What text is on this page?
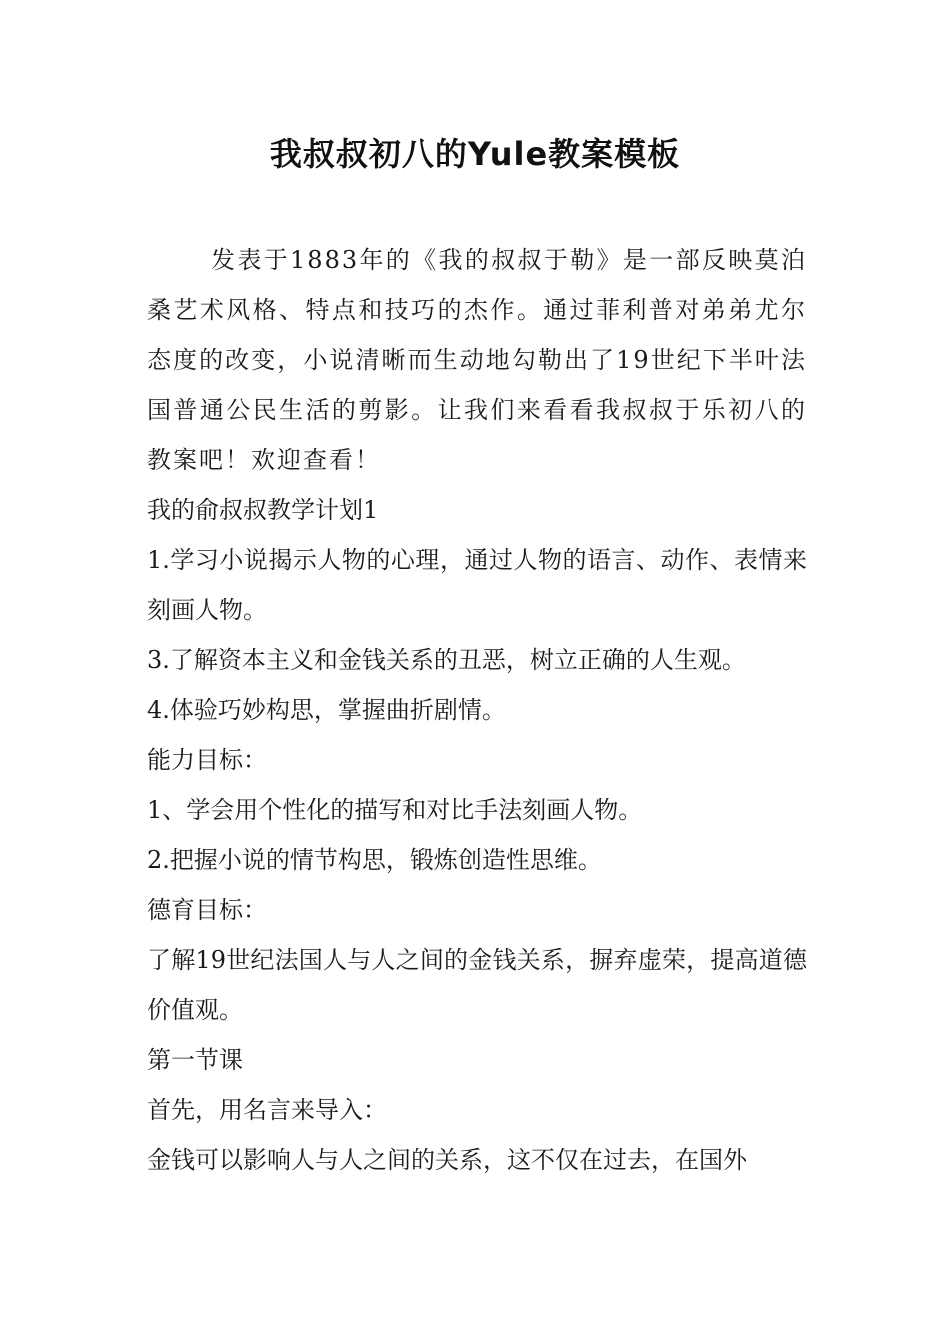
我叔叔初八的Yule教案模板

发表于1883年的《我的叔叔于勒》是一部反映莫泊桑艺术风格、特点和技巧的杰作。通过菲利普对弟弟尤尔态度的改变，小说清晰而生动地勾勒出了19世纪下半叶法国普通公民生活的剪影。让我们来看看我叔叔于乐初八的教案吧！欢迎查看！

我的俞叔叔教学计划1

1.学习小说揭示人物的心理，通过人物的语言、动作、表情来刻画人物。

3.了解资本主义和金钱关系的丑恶，树立正确的人生观。

4.体验巧妙构思，掌握曲折剧情。

能力目标：

1、学会用个性化的描写和对比手法刻画人物。

2.把握小说的情节构思，锻炼创造性思维。

德育目标：

了解19世纪法国人与人之间的金钱关系，摒弃虚荣，提高道德价值观。

第一节课

首先，用名言来导入：

金钱可以影响人与人之间的关系，这不仅在过去，在国外
